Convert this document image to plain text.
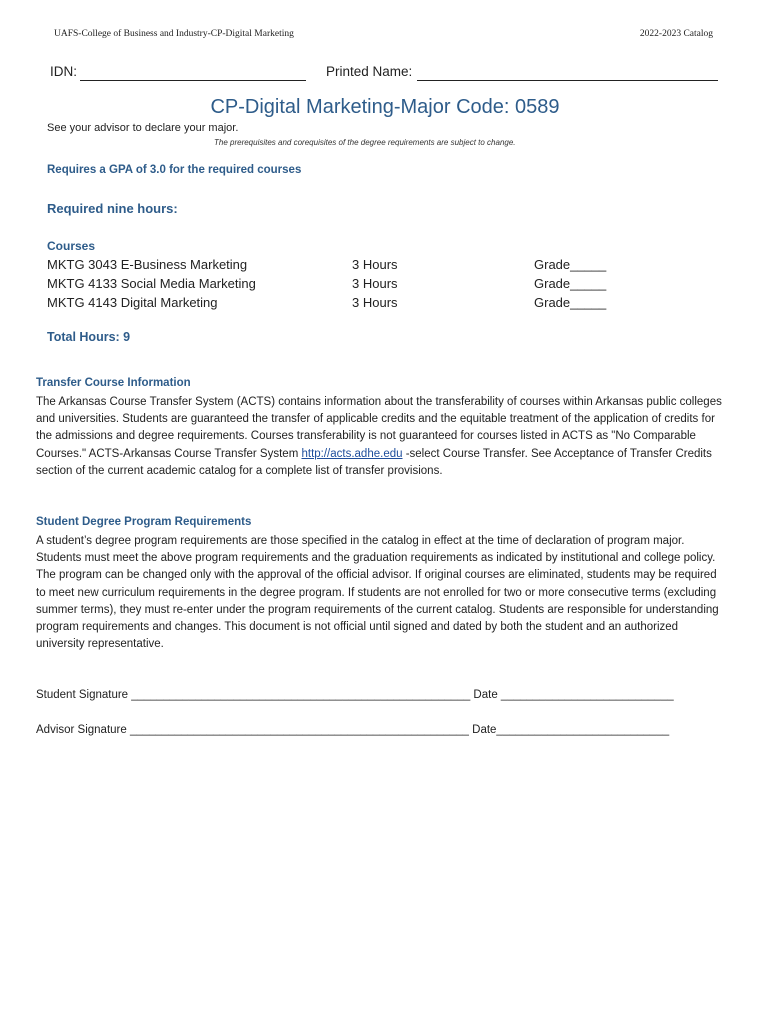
UAFS-College of Business and Industry-CP-Digital Marketing	2022-2023 Catalog
IDN:	Printed Name:
CP-Digital Marketing-Major Code: 0589
See your advisor to declare your major.
The prerequisites and corequisites of the degree requirements are subject to change.
Requires a GPA of 3.0 for the required courses
Required nine hours:
Courses
MKTG 3043 E-Business Marketing	3 Hours	Grade_____
MKTG 4133 Social Media Marketing	3 Hours	Grade_____
MKTG 4143 Digital Marketing	3 Hours	Grade_____
Total Hours: 9
Transfer Course Information
The Arkansas Course Transfer System (ACTS) contains information about the transferability of courses within Arkansas public colleges and universities. Students are guaranteed the transfer of applicable credits and the equitable treatment of the application of credits for the admissions and degree requirements. Courses transferability is not guaranteed for courses listed in ACTS as "No Comparable Courses." ACTS-Arkansas Course Transfer System http://acts.adhe.edu -select Course Transfer. See Acceptance of Transfer Credits section of the current academic catalog for a complete list of transfer provisions.
Student Degree Program Requirements
A student’s degree program requirements are those specified in the catalog in effect at the time of declaration of program major. Students must meet the above program requirements and the graduation requirements as indicated by institutional and college policy. The program can be changed only with the approval of the official advisor. If original courses are eliminated, students may be required to meet new curriculum requirements in the degree program. If students are not enrolled for two or more consecutive terms (excluding summer terms), they must re-enter under the program requirements of the current catalog. Students are responsible for understanding program requirements and changes. This document is not official until signed and dated by both the student and an authorized university representative.
Student Signature _____________________________________________________ Date ___________________________
Advisor Signature _____________________________________________________ Date___________________________
